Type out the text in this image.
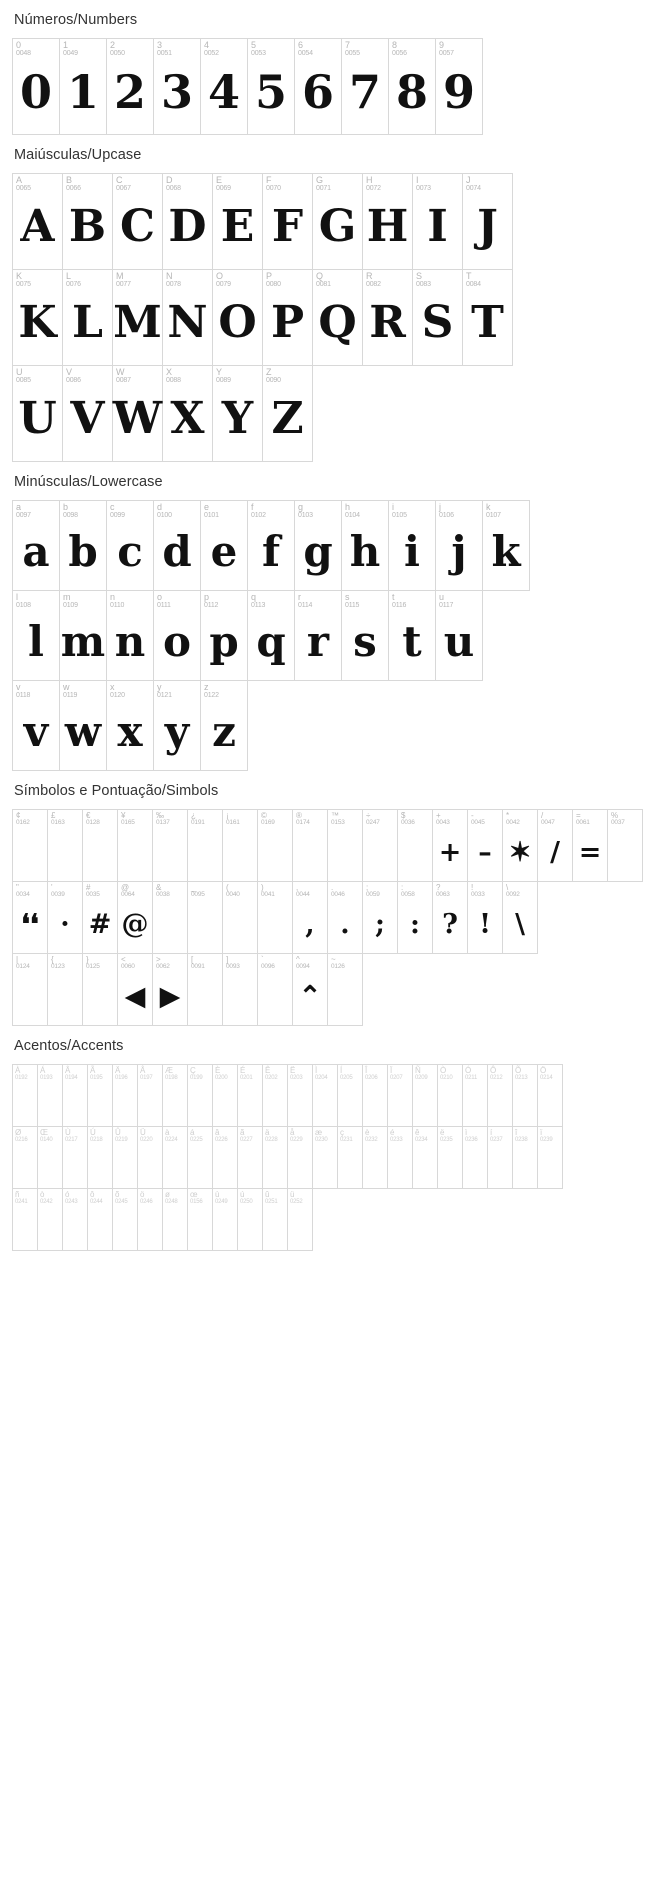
Números/Numbers
0
0048
0
1
0049
1
2
0050
2
3
0051
3
4
0052
4
5
0053
5
6
0054
6
7
0055
7
8
0056
8
9
0057
9
Maiúsculas/Upcase
A
0065
A
B
0066
B
C
0067
C
D
0068
D
E
0069
E
F
0070
F
G
0071
G
H
0072
H
I
0073
I
J
0074
J
K
0075
K
L
0076
L
M
0077
M
N
0078
N
O
0079
O
P
0080
P
Q
0081
Q
R
0082
R
S
0083
S
T
0084
T
U
0085
U
V
0086
V
W
0087
W
X
0088
X
Y
0089
Y
Z
0090
Z
Minúsculas/Lowercase
a
0097
a
b
0098
b
c
0099
c
d
0100
d
e
0101
e
f
0102
f
g
0103
g
h
0104
h
i
0105
i
j
0106
j
k
0107
k
l
0108
l
m
0109
m
n
0110
n
o
0111
o
p
0112
p
q
0113
q
r
0114
r
s
0115
s
t
0116
t
u
0117
u
v
0118
v
w
0119
w
x
0120
x
y
0121
y
z
0122
z
Símbolos e Pontuação/Simbols
¢
0162
£
0163
€
0128
¥
0165
‰
0137
¿
0191
¡
0161
©
0169
®
0174
™
0153
÷
0247
$
0036
+
0043
+
-
0045
–
*
0042
✶
/
0047
/
=
0061
=
%
0037
"
0034
❛❛
'
0039
·
#
0035
#
@
0064
@
&
0038
_
0095
(
0040
)
0041
,
0044
,
.
0046
.
;
0059
;
:
0058
:
?
0063
?
!
0033
!
\
0092
\
|
0124
{
0123
}
0125
<
0060
◀
>
0062
▶
[
0091
]
0093
`
0096
^
0094
⌃
~
0126
Acentos/Accents
À
0192
Á
0193
Â
0194
Ã
0195
Ä
0196
Å
0197
Æ
0198
Ç
0199
È
0200
É
0201
Ê
0202
Ë
0203
Ì
0204
Í
0205
Î
0206
Ï
0207
Ñ
0209
Ò
0210
Ó
0211
Ô
0212
Õ
0213
Ö
0214
Ø
0216
Œ
0140
Ù
0217
Ú
0218
Û
0219
Ü
0220
à
0224
á
0225
â
0226
ã
0227
ä
0228
å
0229
æ
0230
ç
0231
è
0232
é
0233
ê
0234
ë
0235
ì
0236
í
0237
î
0238
ï
0239
ñ
0241
ò
0242
ó
0243
ô
0244
õ
0245
ö
0246
ø
0248
œ
0156
ù
0249
ú
0250
û
0251
ü
0252
